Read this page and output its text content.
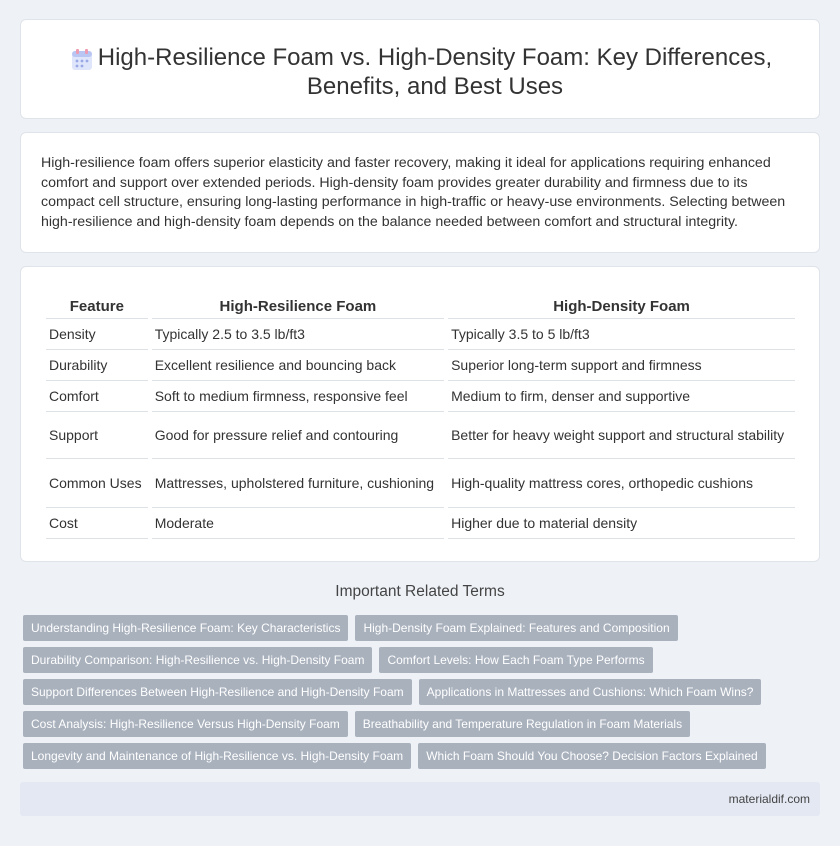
High-Resilience Foam vs. High-Density Foam: Key Differences, Benefits, and Best Uses

High-resilience foam offers superior elasticity and faster recovery, making it ideal for applications requiring enhanced comfort and support over extended periods. High-density foam provides greater durability and firmness due to its compact cell structure, ensuring long-lasting performance in high-traffic or heavy-use environments. Selecting between high-resilience and high-density foam depends on the balance needed between comfort and structural integrity.

Feature	High-Resilience Foam	High-Density Foam
Density	Typically 2.5 to 3.5 lb/ft3	Typically 3.5 to 5 lb/ft3
Durability	Excellent resilience and bouncing back	Superior long-term support and firmness
Comfort	Soft to medium firmness, responsive feel	Medium to firm, denser and supportive
Support	Good for pressure relief and contouring	Better for heavy weight support and structural stability
Common Uses	Mattresses, upholstered furniture, cushioning	High-quality mattress cores, orthopedic cushions
Cost	Moderate	Higher due to material density
Important Related Terms
Understanding High-Resilience Foam: Key Characteristics	High-Density Foam Explained: Features and Composition
Durability Comparison: High-Resilience vs. High-Density Foam	Comfort Levels: How Each Foam Type Performs
Support Differences Between High-Resilience and High-Density Foam	Applications in Mattresses and Cushions: Which Foam Wins?
Cost Analysis: High-Resilience Versus High-Density Foam	Breathability and Temperature Regulation in Foam Materials
Longevity and Maintenance of High-Resilience vs. High-Density Foam	Which Foam Should You Choose? Decision Factors Explained
materialdif.com
